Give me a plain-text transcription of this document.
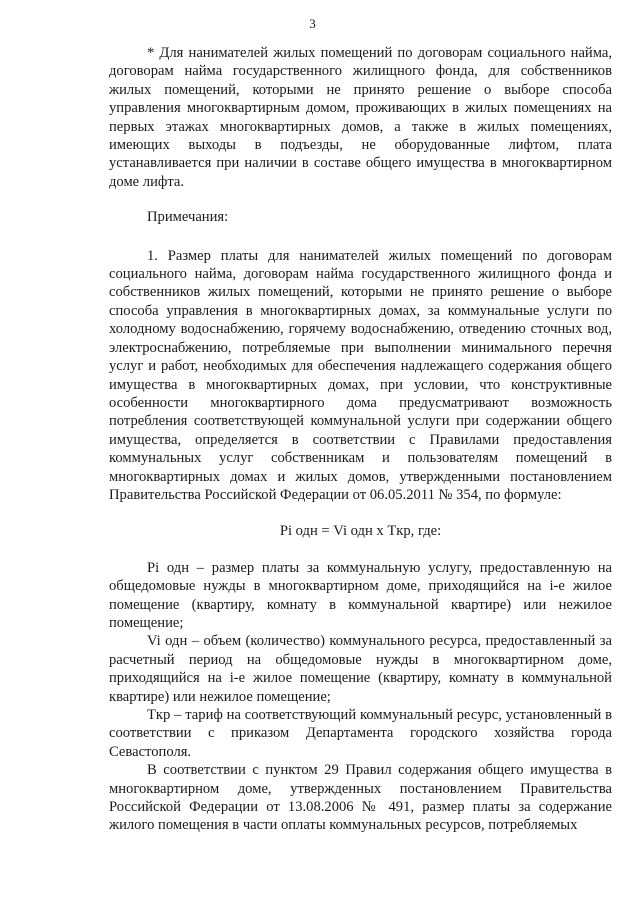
3

* Для нанимателей жилых помещений по договорам социального найма, договорам найма государственного жилищного фонда, для собственников жилых помещений, которыми не принято решение о выборе способа управления многоквартирным домом, проживающих в жилых помещениях на первых этажах многоквартирных домов, а также в жилых помещениях, имеющих выходы в подъезды, не оборудованные лифтом, плата устанавливается при наличии в составе общего имущества в многоквартирном доме лифта.

Примечания:

1. Размер платы для нанимателей жилых помещений по договорам социального найма, договорам найма государственного жилищного фонда и собственников жилых помещений, которыми не принято решение о выборе способа управления в многоквартирных домах, за коммунальные услуги по холодному водоснабжению, горячему водоснабжению, отведению сточных вод, электроснабжению, потребляемые при выполнении минимального перечня услуг и работ, необходимых для обеспечения надлежащего содержания общего имущества в многоквартирных домах, при условии, что конструктивные особенности многоквартирного дома предусматривают возможность потребления соответствующей коммунальной услуги при содержании общего имущества, определяется в соответствии с Правилами предоставления коммунальных услуг собственникам и пользователям помещений в многоквартирных домах и жилых домов, утвержденными постановлением Правительства Российской Федерации от 06.05.2011 № 354, по формуле:

Pi одн = Vi одн х Tкр, где:

Pi одн – размер платы за коммунальную услугу, предоставленную на общедомовые нужды в многоквартирном доме, приходящийся на i-е жилое помещение (квартиру, комнату в коммунальной квартире) или нежилое помещение;

Vi одн – объем (количество) коммунального ресурса, предоставленный за расчетный период на общедомовые нужды в многоквартирном доме, приходящийся на i-е жилое помещение (квартиру, комнату в коммунальной квартире) или нежилое помещение;

Tкр – тариф на соответствующий коммунальный ресурс, установленный в соответствии с приказом Департамента городского хозяйства города Севастополя.

В соответствии с пунктом 29 Правил содержания общего имущества в многоквартирном доме, утвержденных постановлением Правительства Российской Федерации от 13.08.2006 № 491, размер платы за содержание жилого помещения в части оплаты коммунальных ресурсов, потребляемых
